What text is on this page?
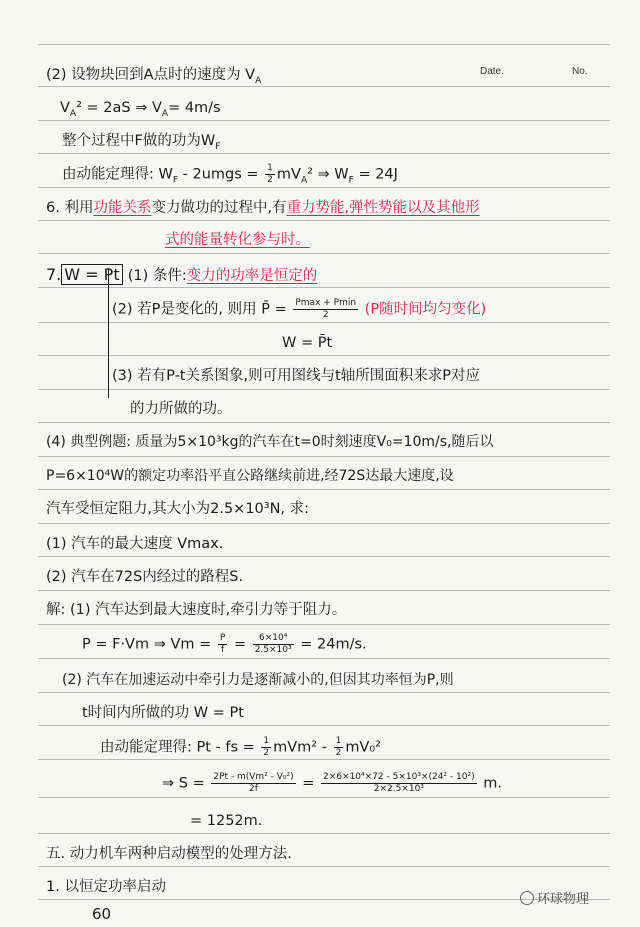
Date.	No.
(2) 设物块回到A点时的速度为 $V_A$
$V_A^2 = 2aS$ ⇒ $V_A= 4m/s$
整个过程中F做的功为$W_F$
由动能定理得: $W_F$ - 2umgs = $\frac{1}{2} mV_A^2$ ⇒ $W_F = 24J$
6. 利用功能关系变力做功的过程中,有重力势能,弹性势能以及其他形
式的能量转化参与时。
7. W = Pt (1) 条件:变力的功率是恒定的
(2) 若P是变化的, 则用 P̄ = $\frac{Pmax + Pmin}{2} (P$随时间均匀变化)
W = P̄t
(3) 若有P-t关系图象,则可用图线与t轴所围面积来求P对应
的力所做的功。
(4) 典型例题: 质量为5×10³kg的汽车在t=0时刻速度V₀=10m/s,随后以
P=6×10⁴W的额定功率沿平直公路继续前进,经72S达最大速度,设
汽车受恒定阻力,其大小为2.5×10³N, 求:
(1) 汽车的最大速度 Vmax.
(2) 汽车在72S内经过的路程S.
解: (1) 汽车达到最大速度时,牵引力等于阻力。
P = F·Vm ⇒ $Vm = \frac{P}{f} = \frac{\text{6×10⁴}}{\text{2.5×10³}} = 24m/s$.
(2) 汽车在加速运动中牵引力是逐渐减小的,但因其功率恒为P,则
t时间内所做的功 W = Pt
由动能定理得: Pt - fs = $\frac{1}{2} mVm^2 - \frac{1}{2} mV_0^2$
⇒ $S = \frac{\text{2Pt - m(Vm² - V₀²)}}{2f} = \frac{\text{2×6×10⁴×72 - 5×10³×(24² - 10²)}}{\text{2×2.5×10³}} m$.
= 1252m.
五. 动力机车两种启动模型的处理方法.
1. 以恒定功率启动
60
环球物理
